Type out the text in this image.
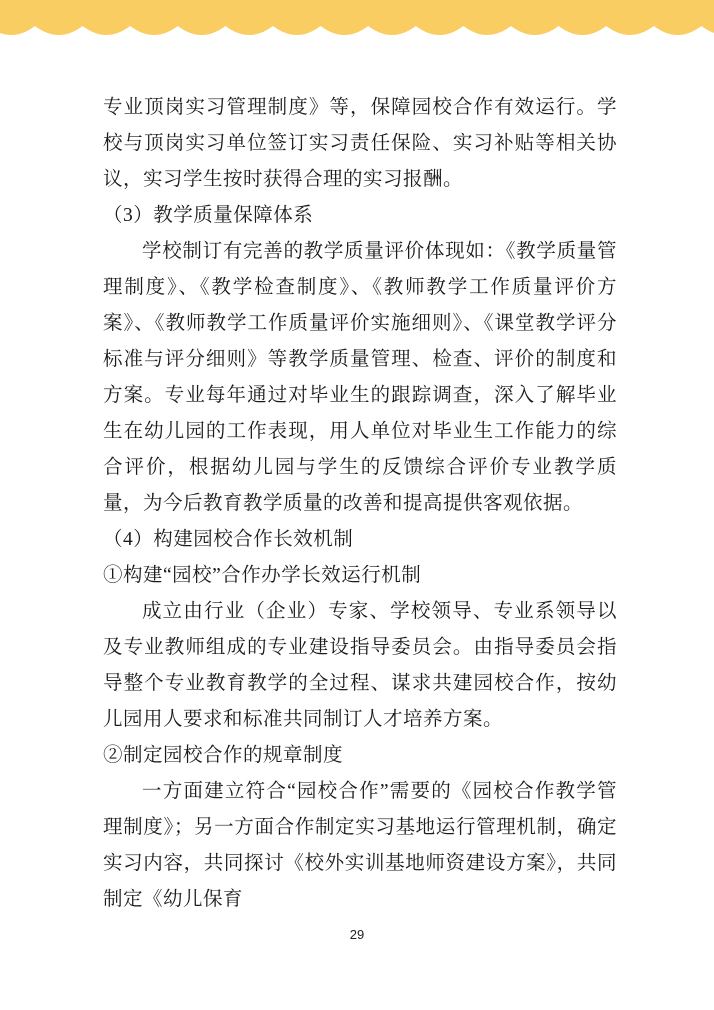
专业顶岗实习管理制度》等，保障园校合作有效运行。学校与顶岗实习单位签订实习责任保险、实习补贴等相关协议，实习学生按时获得合理的实习报酬。

（3）教学质量保障体系

学校制订有完善的教学质量评价体现如：《教学质量管理制度》、《教学检查制度》、《教师教学工作质量评价方案》、《教师教学工作质量评价实施细则》、《课堂教学评分标准与评分细则》等教学质量管理、检查、评价的制度和方案。专业每年通过对毕业生的跟踪调查，深入了解毕业生在幼儿园的工作表现，用人单位对毕业生工作能力的综合评价，根据幼儿园与学生的反馈综合评价专业教学质量，为今后教育教学质量的改善和提高提供客观依据。

（4）构建园校合作长效机制

①构建“园校”合作办学长效运行机制

成立由行业（企业）专家、学校领导、专业系领导以及专业教师组成的专业建设指导委员会。由指导委员会指导整个专业教育教学的全过程、谋求共建园校合作，按幼儿园用人要求和标准共同制订人才培养方案。

②制定园校合作的规章制度

一方面建立符合“园校合作”需要的《园校合作教学管理制度》；另一方面合作制定实习基地运行管理机制，确定实习内容，共同探讨《校外实训基地师资建设方案》，共同制定《幼儿保育

29
